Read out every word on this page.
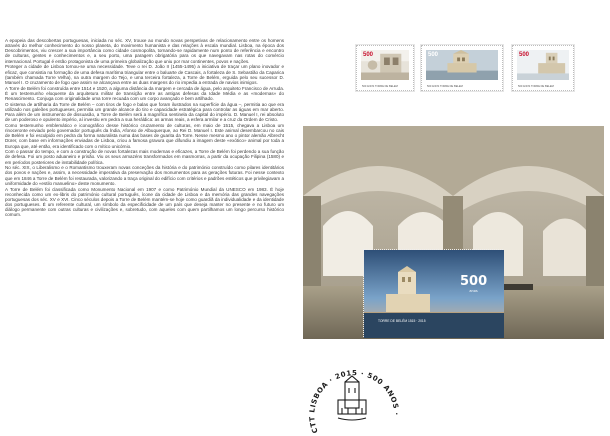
A epopeia das descobertas portuguesas, iniciada no séc. XV, trouxe ao mundo novas perspetivas de relacionamento entre os homens através do melhor conhecimento do nosso planeta, do movimento humanista e das relações à escala mundial. Lisboa, na época dos Descobrimentos, viu crescer a sua importância como cidade cosmopolita, tornando-se rapidamente num ponto de referência e encontro de culturas, gentes e conhecimentos e, a seu porto, uma paragem obrigatória para os que navegavam nas rotas do comércio internacional. Portugal é então protagonista de uma primeira globalização que uniu por mar continentes, povos e nações.

Proteger a cidade de Lisboa tornou-se uma necessidade. Teve o rei D. João II (1455-1495) a iniciativa de traçar um plano inovador e eficaz, que consistia na formação de uma defesa marítima triangular entre o baluarte de Cascais, a fortaleza de S. Sebastião da Caparica (também chamada Torre Velha), na outra margem do Tejo, e uma terceira fortaleza, a Torre de Belém, erguida pelo seu sucessor D. Manuel I. O cruzamento de fogo que assim se alcançava entre as duas margens do rio impedia a entrada de navios inimigos.

A Torre de Belém foi construída entre 1514 e 1520, a alguma distância da margem e cercada de água, pelo arquiteto Francisco de Arruda. É um testemunho eloquente da arquitetura militar de transição entre as antigas defesas da Idade Média e as «modernas» do Renascimento. Conjuga com originalidade uma torre recuada com um corpo avançado e bem artilhado.

O sistema de artilharia da Torre de Belém – com tiros de fogo e balas que foram ilustrados na superfície da água –, permitia ao que era utilizado nos galeões portugueses, permitia um grande alcance do tiro e capacidade estratégica para controlar as águas em mar aberto. Para além de um instrumento de dissuasão, a Torre de Belém será a magnífica sentinela da capital do império. D. Manuel I, rei absoluto de um poderoso e opulento império, aí investiu em pedra a sua heráldica: as armas reais, a esfera armilar e a cruz da Ordem de Cristo.

Como testemunho emblemático e iconográfico desse histórico cruzamento de culturas, em maio de 1515, chegava a Lisboa um rinoceronte enviado pelo governador português da Índia, Afonso de Albuquerque, ao Rei D. Manuel I. Este animal desembarcou no cais de Belém e foi esculpido em pedra da forma naturalista numa das bases de guarita da Torre. Nesse mesmo ano o pintor alemão Albrecht Dürer, com base em informações enviadas de Lisboa, criou a famosa gravura que difundiu a imagem deste «exótico» animal por toda a Europa que, até então, era identificado com o mítico unicórnio.

Com o passar do tempo, e com a construção de novas fortalezas mais modernas e eficazes, a Torre de Belém foi perdendo a sua função de defesa. Foi um posto aduaneiro e prisão. Viu os seus armazéns transformados em masmorras, a partir da ocupação Filipina (1580) e em períodos posteriores de instabilidade política.

No séc. XIX, o Liberalismo e o Romantismo trouxeram novas conceções da história e do património construído como pilares identitários dos povos e nações e, assim, a necessidade imperativa da preservação dos monumentos para as gerações futuras. Foi nesse contexto que em 1846 a Torre de Belém foi restaurada, valorizando a traça original do edifício com critérios e padrões estéticos que privilegiavam a uniformidade do «estilo manuelino» deste monumento.

A Torre de Belém foi classificada como Monumento Nacional em 1907 e como Património Mundial da UNESCO em 1983. É hoje reconhecida como um ex-libris do património cultural português, ícone da cidade de Lisboa e da memória das grandes navegações portuguesas dos séc. XV e XVI. Cinco séculos depois a Torre de Belém mantém-se hoje como guardiã da individualidade e da identidade dos portugueses. É um referente cultural, um símbolo da especificidade de um país que deseja manter no presente e no futuro um diálogo permanente com outras culturas e civilizações e, sobretudo, com aqueles com quem partilhamos um longo percurso histórico comum.

500
500 ANOS TORRE DE BELÉM
500
500 ANOS TORRE DE BELÉM
500
500 ANOS TORRE DE BELÉM
500
anos
TORRE DE BELÉM 1515 · 2015
CTT LISBOA · 2015 · 500 ANOS ·
